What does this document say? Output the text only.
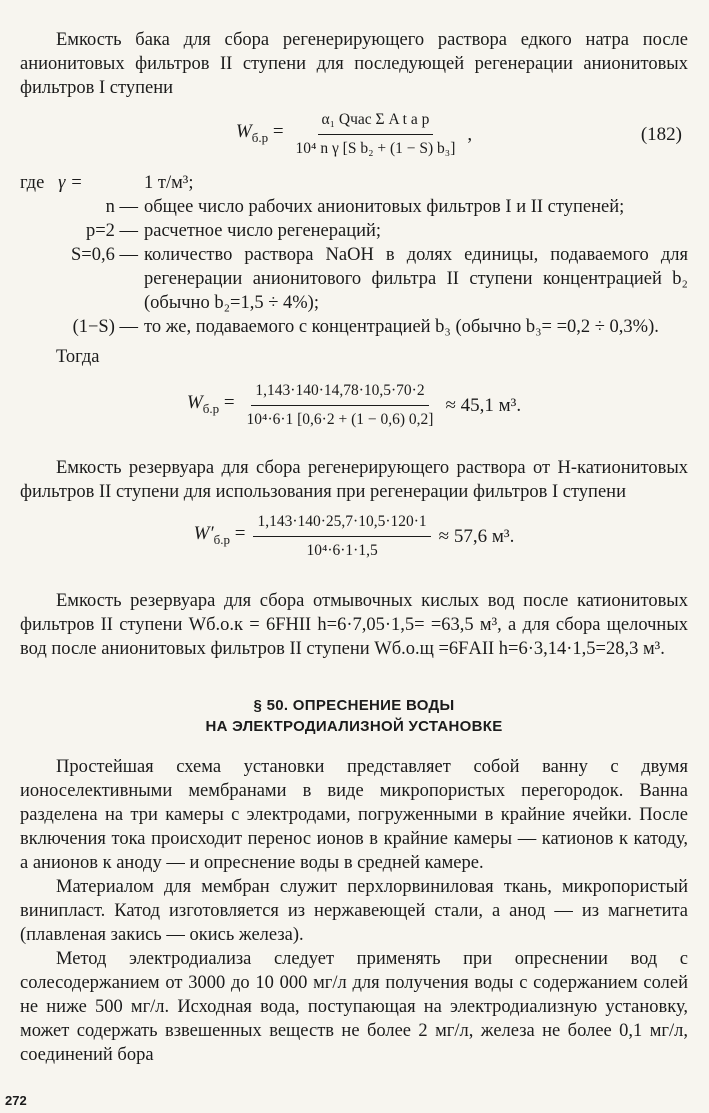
Емкость бака для сбора регенерирующего раствора едкого натра после анионитовых фильтров II ступени для последующей регенерации анионитовых фильтров I ступени

$W_{б.р} = \frac{\text{α₁ Qчас Σ A t a p}}{\text{10⁴ n γ [S b₂ + (1 − S) b₃]}}$ ,	(182)
где γ =	1 т/м³;
n — общее число рабочих анионитовых фильтров I и II ступеней;
p=2 — расчетное число регенераций;
S=0,6 — количество раствора NaOH в долях единицы, подаваемого для регенерации анионитового фильтра II ступени концентрацией b₂ (обычно b₂=1,5 ÷ 4%);
(1−S) — то же, подаваемого с концентрацией b₃ (обычно b₃= =0,2 ÷ 0,3%).

Тогда

$W_{б.р} = \frac{1,143\cdot 140\cdot 14,78\cdot 10,5\cdot 70\cdot 2}{\text{10⁴·6·1 [0,6·2 + (1 − 0,6) 0,2]}} \approx 45,1$ м³.

Емкость резервуара для сбора регенерирующего раствора от Н-катионитовых фильтров II ступени для использования при регенерации фильтров I ступени

$W'_{б.р} = \frac{1,143\cdot 140\cdot 25,7\cdot 10,5\cdot 120\cdot 1}{\text{10⁴·6·1·1,5}} \approx 57,6$ м³.

Емкость резервуара для сбора отмывочных кислых вод после катионитовых фильтров II ступени Wб.о.к = 6FНII h=6·7,05·1,5= =63,5 м³, а для сбора щелочных вод после анионитовых фильтров II ступени Wб.о.щ =6FАII h=6·3,14·1,5=28,3 м³.

§ 50. ОПРЕСНЕНИЕ ВОДЫ
НА ЭЛЕКТРОДИАЛИЗНОЙ УСТАНОВКЕ

Простейшая схема установки представляет собой ванну с двумя ионоселективными мембранами в виде микропористых перегородок. Ванна разделена на три камеры с электродами, погруженными в крайние ячейки. После включения тока происходит перенос ионов в крайние камеры — катионов к катоду, а анионов к аноду — и опреснение воды в средней камере.

Материалом для мембран служит перхлорвиниловая ткань, микропористый винипласт. Катод изготовляется из нержавеющей стали, а анод — из магнетита (плавленая закись — окись железа).

Метод электродиализа следует применять при опреснении вод с солесодержанием от 3000 до 10 000 мг/л для получения воды с содержанием солей не ниже 500 мг/л. Исходная вода, поступающая на электродиализную установку, может содержать взвешенных веществ не более 2 мг/л, железа не более 0,1 мг/л, соединений бора

272
